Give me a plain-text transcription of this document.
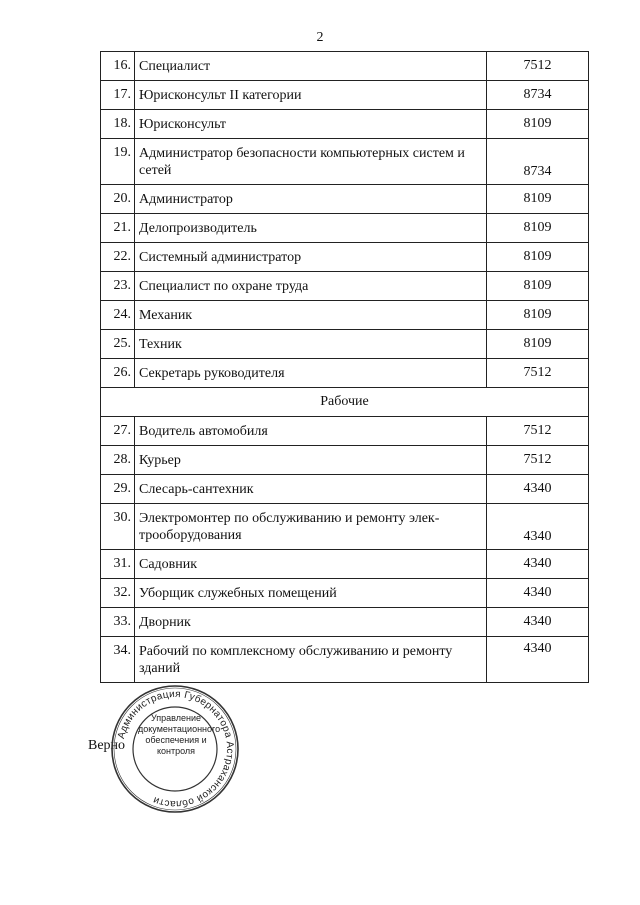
2
16.	Специалист	7512
17.	Юрисконсульт II категории	8734
18.	Юрисконсульт	8109
19.	Администратор безопасности компьютерных систем и сетей	8734
20.	Администратор	8109
21.	Делопроизводитель	8109
22.	Системный администратор	8109
23.	Специалист по охране труда	8109
24.	Механик	8109
25.	Техник	8109
26.	Секретарь руководителя	7512
Рабочие		
27.	Водитель автомобиля	7512
28.	Курьер	7512
29.	Слесарь-сантехник	4340
30.	Электромонтер по обслуживанию и ремонту элек-трооборудования	4340
31.	Садовник	4340
32.	Уборщик служебных помещений	4340
33.	Дворник	4340
34.	Рабочий по комплексному обслуживанию и ремонту зданий	4340
Верно
Администрация Губернатора Астраханской области
Управление документационного обеспечения и контроля
